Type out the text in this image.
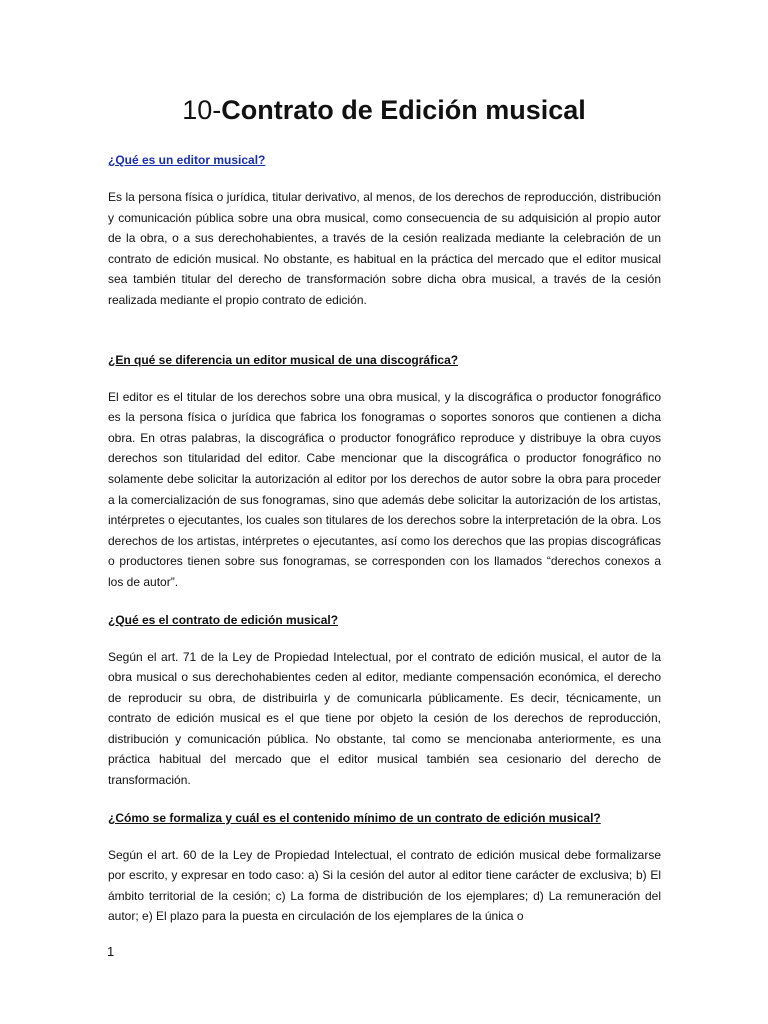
10-Contrato de Edición musical

¿Qué es un editor musical?

Es la persona física o jurídica, titular derivativo, al menos, de los derechos de reproducción, distribución y comunicación pública sobre una obra musical, como consecuencia de su adquisición al propio autor de la obra, o a sus derechohabientes, a través de la cesión realizada mediante la celebración de un contrato de edición musical. No obstante, es habitual en la práctica del mercado que el editor musical sea también titular del derecho de transformación sobre dicha obra musical, a través de la cesión realizada mediante el propio contrato de edición.

¿En qué se diferencia un editor musical de una discográfica?

El editor es el titular de los derechos sobre una obra musical, y la discográfica o productor fonográfico es la persona física o jurídica que fabrica los fonogramas o soportes sonoros que contienen a dicha obra. En otras palabras, la discográfica o productor fonográfico reproduce y distribuye la obra cuyos derechos son titularidad del editor. Cabe mencionar que la discográfica o productor fonográfico no solamente debe solicitar la autorización al editor por los derechos de autor sobre la obra para proceder a la comercialización de sus fonogramas, sino que además debe solicitar la autorización de los artistas, intérpretes o ejecutantes, los cuales son titulares de los derechos sobre la interpretación de la obra. Los derechos de los artistas, intérpretes o ejecutantes, así como los derechos que las propias discográficas o productores tienen sobre sus fonogramas, se corresponden con los llamados “derechos conexos a los de autor”.

¿Qué es el contrato de edición musical?

Según el art. 71 de la Ley de Propiedad Intelectual, por el contrato de edición musical, el autor de la obra musical o sus derechohabientes ceden al editor, mediante compensación económica, el derecho de reproducir su obra, de distribuirla y de comunicarla públicamente. Es decir, técnicamente, un contrato de edición musical es el que tiene por objeto la cesión de los derechos de reproducción, distribución y comunicación pública. No obstante, tal como se mencionaba anteriormente, es una práctica habitual del mercado que el editor musical también sea cesionario del derecho de transformación.

¿Cómo se formaliza y cuál es el contenido mínimo de un contrato de edición musical?

Según el art. 60 de la Ley de Propiedad Intelectual, el contrato de edición musical debe formalizarse por escrito, y expresar en todo caso: a) Si la cesión del autor al editor tiene carácter de exclusiva; b) El ámbito territorial de la cesión; c) La forma de distribución de los ejemplares; d) La remuneración del autor; e) El plazo para la puesta en circulación de los ejemplares de la única o

1
